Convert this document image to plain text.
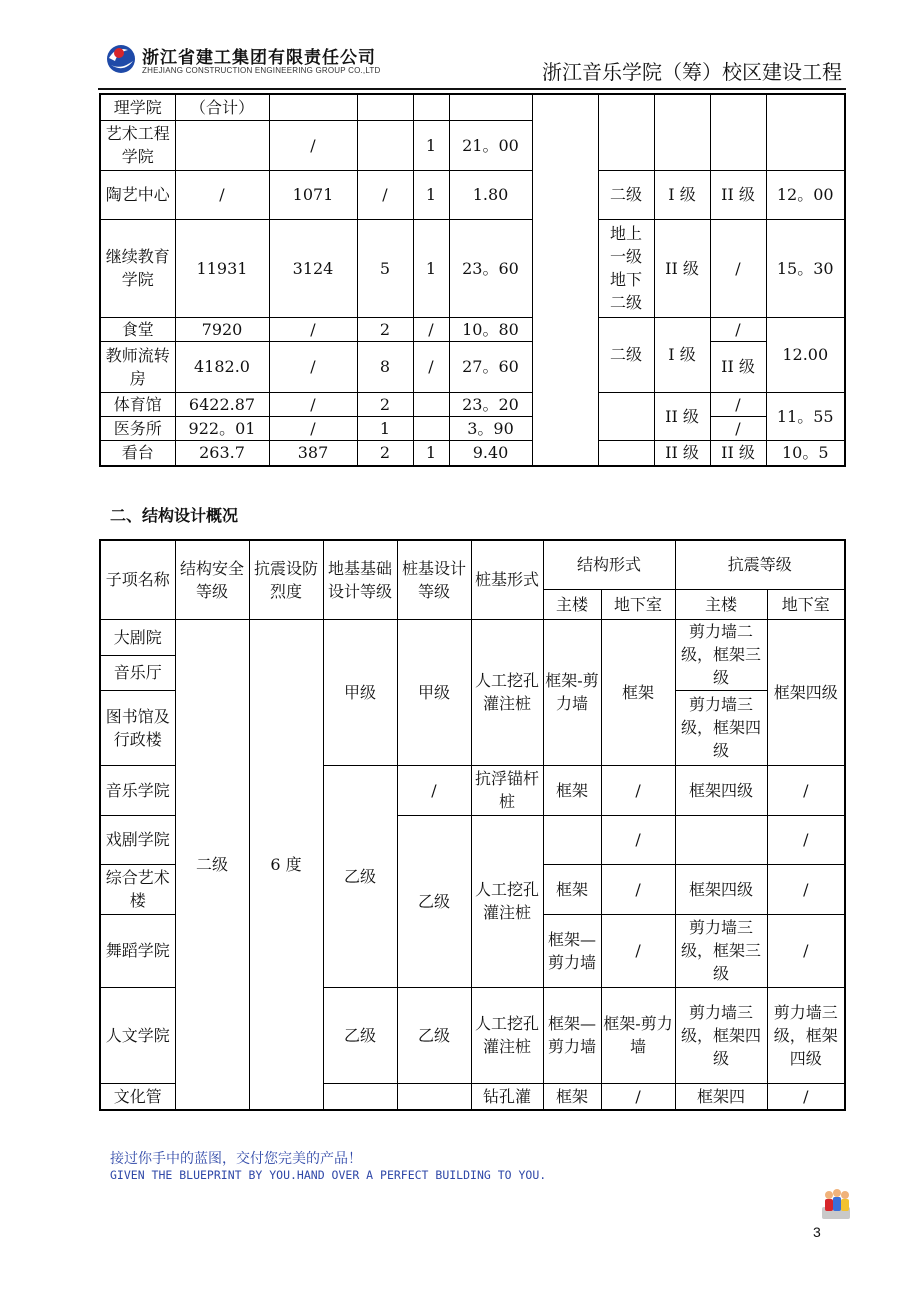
浙江省建工集团有限责任公司
ZHEJIANG CONSTRUCTION ENGINEERING GROUP CO.,LTD	浙江音乐学院（筹）校区建设工程
理学院	（合计）									
艺术工程学院		/		1	21。00					
陶艺中心	/	1071	/	1	1.80		二级	I 级	II 级	12。00
继续教育学院	11931	3124	5	1	23。60		地上一级地下二级	II 级	/	15。30
食堂	7920	/	2	/	10。80		二级	I 级	/	12.00
教师流转房	4182.0	/	8	/	27。60				II 级	
体育馆	6422.87	/	2		23。20			II 级	/	11。55
医务所	922。01	/	1		3。90				/	
看台	263.7	387	2	1	9.40			II 级	II 级	10。5
二、结构设计概况
子项名称	结构安全等级	抗震设防烈度	地基基础设计等级	桩基设计等级	桩基形式	结构形式		抗震等级	
						主楼	地下室	主楼	地下室
大剧院	二级	6 度	甲级	甲级	人工挖孔灌注桩	框架-剪力墙	框架	剪力墙二级，框架三级	框架四级
音乐厅									
图书馆及行政楼								剪力墙三级，框架四级	
音乐学院			乙级	/	抗浮锚杆桩	框架	/	框架四级	/
戏剧学院				乙级	人工挖孔灌注桩		/		/
综合艺术楼						框架	/	框架四级	/
舞蹈学院						框架—剪力墙	/	剪力墙三级，框架三级	/

人文学院			乙级	乙级	人工挖孔灌注桩	框架—剪力墙	框架-剪力墙	剪力墙三级，框架四级	剪力墙三级，框架四级
文化管					钻孔灌	框架	/	框架四	/
接过你手中的蓝图，交付您完美的产品！
GIVEN THE BLUEPRINT BY YOU.HAND OVER A PERFECT BUILDING TO YOU.
3
